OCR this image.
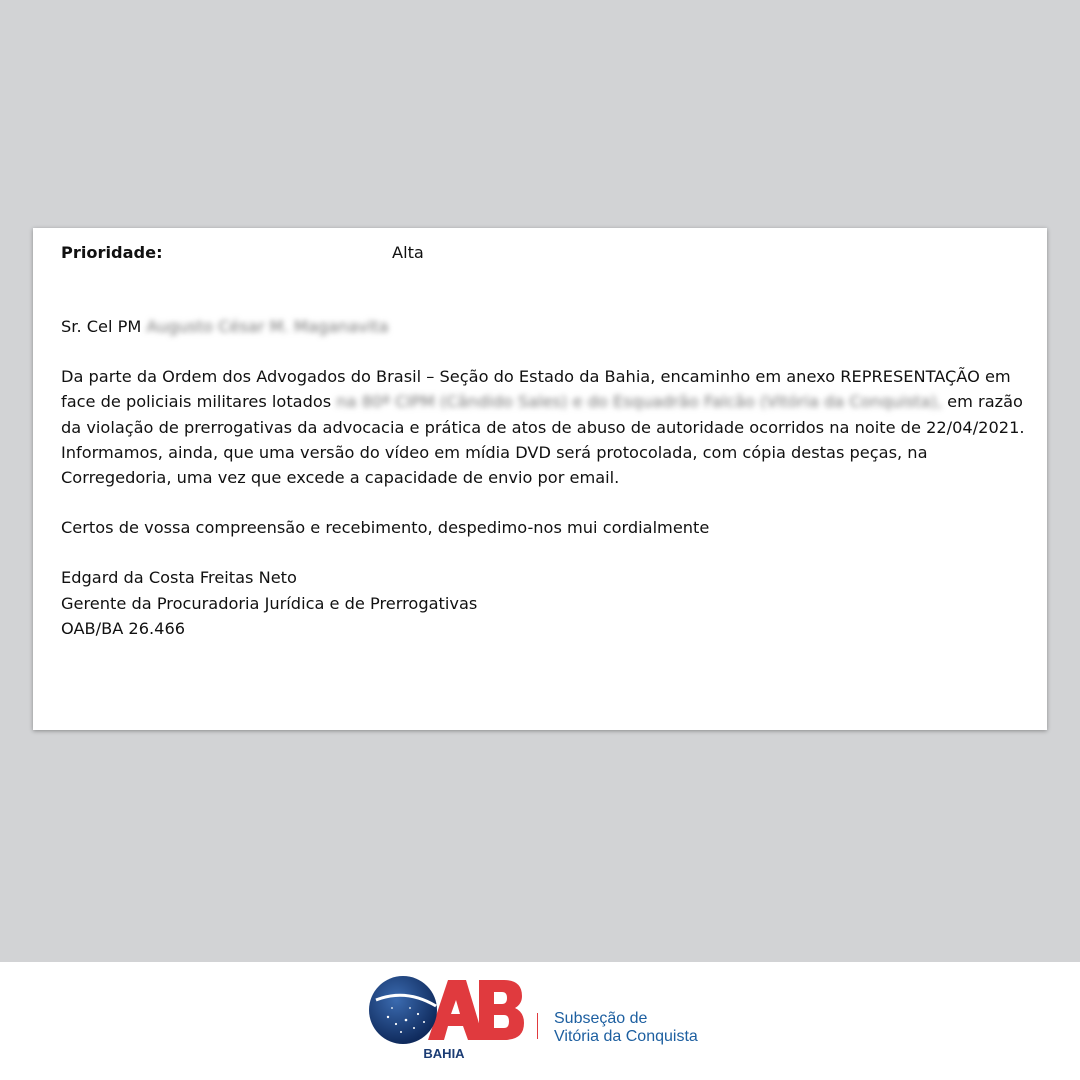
Prioridade:	Alta

Sr. Cel PM Augusto César M. Maganavita

Da parte da Ordem dos Advogados do Brasil – Seção do Estado da Bahia, encaminho em anexo REPRESENTAÇÃO em face de policiais militares lotados na 80ª CIPM (Cândido Sales) e do Esquadrão Falcão (Vitória da Conquista), em razão da violação de prerrogativas da advocacia e prática de atos de abuso de autoridade ocorridos na noite de 22/04/2021.

Informamos, ainda, que uma versão do vídeo em mídia DVD será protocolada, com cópia destas peças, na Corregedoria, uma vez que excede a capacidade de envio por email.

Certos de vossa compreensão e recebimento, despedimo-nos mui cordialmente

Edgard da Costa Freitas Neto

Gerente da Procuradoria Jurídica e de Prerrogativas

OAB/BA 26.466

BAHIA
Subseção de
Vitória da Conquista
